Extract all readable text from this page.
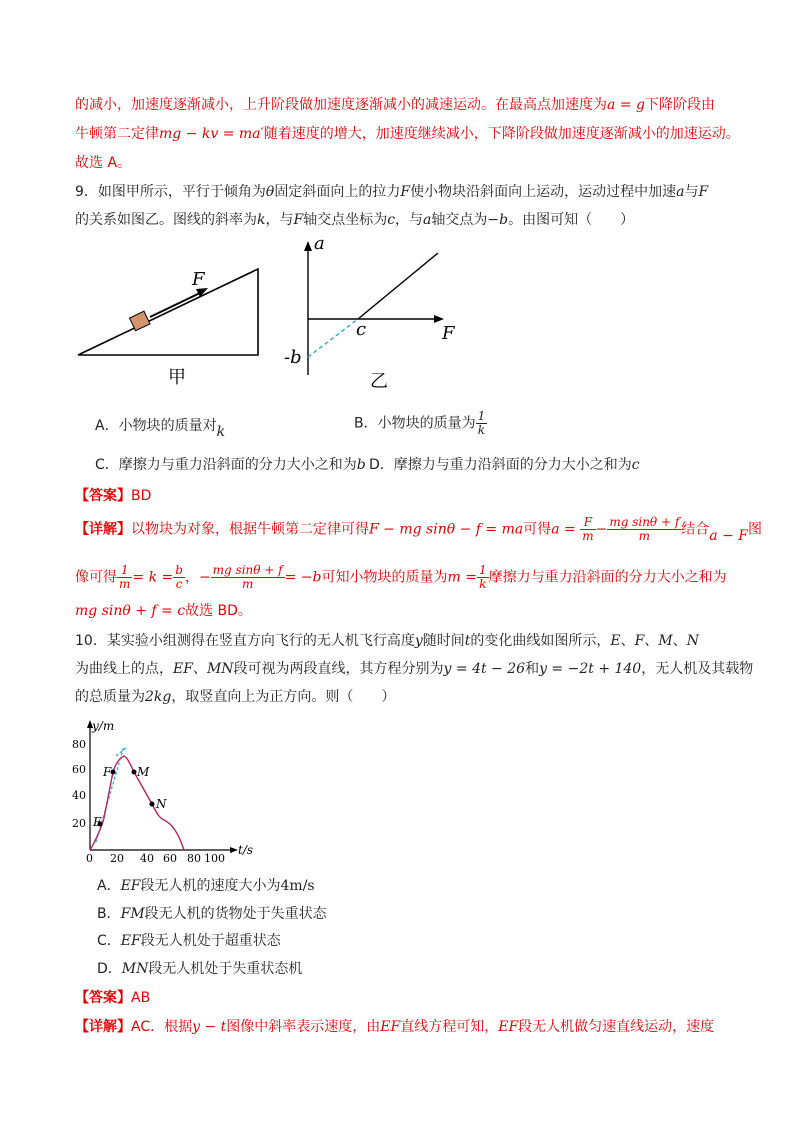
的减小，加速度逐渐减小，上升阶段做加速度逐渐减小的减速运动。在最高点加速度为a = g下降阶段由
牛顿第二定律mg − kv = ma′随着速度的增大，加速度继续减小，下降阶段做加速度逐渐减小的加速运动。
故选 A。
9．如图甲所示，平行于倾角为θ固定斜面向上的拉力F使小物块沿斜面向上运动，运动过程中加速a与F
的关系如图乙。图线的斜率为k，与F轴交点坐标为c，与a轴交点为−b。由图可知（　　）
F
甲
a
F
c
-b
乙
A．小物块的质量对k
B．小物块的质量为 $\frac{1}{k}$
C．摩擦力与重力沿斜面的分力大小之和为b D．摩擦力与重力沿斜面的分力大小之和为c
【答案】BD
【详解】以物块为对象，根据牛顿第二定律可得F − mg sinθ − f = ma可得$a = \frac{F}{m} - \frac{\text{mg sinθ + f}}{m}$ 结合a − F图
像可得 $\frac{1}{m} = k = \frac{b}{c}$ ，− $\frac{\text{mg sinθ + f}}{m} = -b$可知小物块的质量为$m = \frac{1}{k}$ 摩擦力与重力沿斜面的分力大小之和为
mg sinθ + f = c故选 BD。
10．某实验小组测得在竖直方向飞行的无人机飞行高度y随时间t的变化曲线如图所示，E、F、M、N
为曲线上的点，EF、MN段可视为两段直线，其方程分别为y = 4t − 26和y = −2t + 140，无人机及其载物
的总质量为2kg，取竖直向上为正方向。则（　　）
y/m
t/s
80
60
40
20
0 20 40 60 80 100
E
F M
N
A．EF段无人机的速度大小为4m/s
B．FM段无人机的货物处于失重状态
C．EF段无人机处于超重状态
D．MN段无人机处于失重状态机
【答案】AB
【详解】AC．根据y − t图像中斜率表示速度，由EF直线方程可知，EF段无人机做匀速直线运动，速度
